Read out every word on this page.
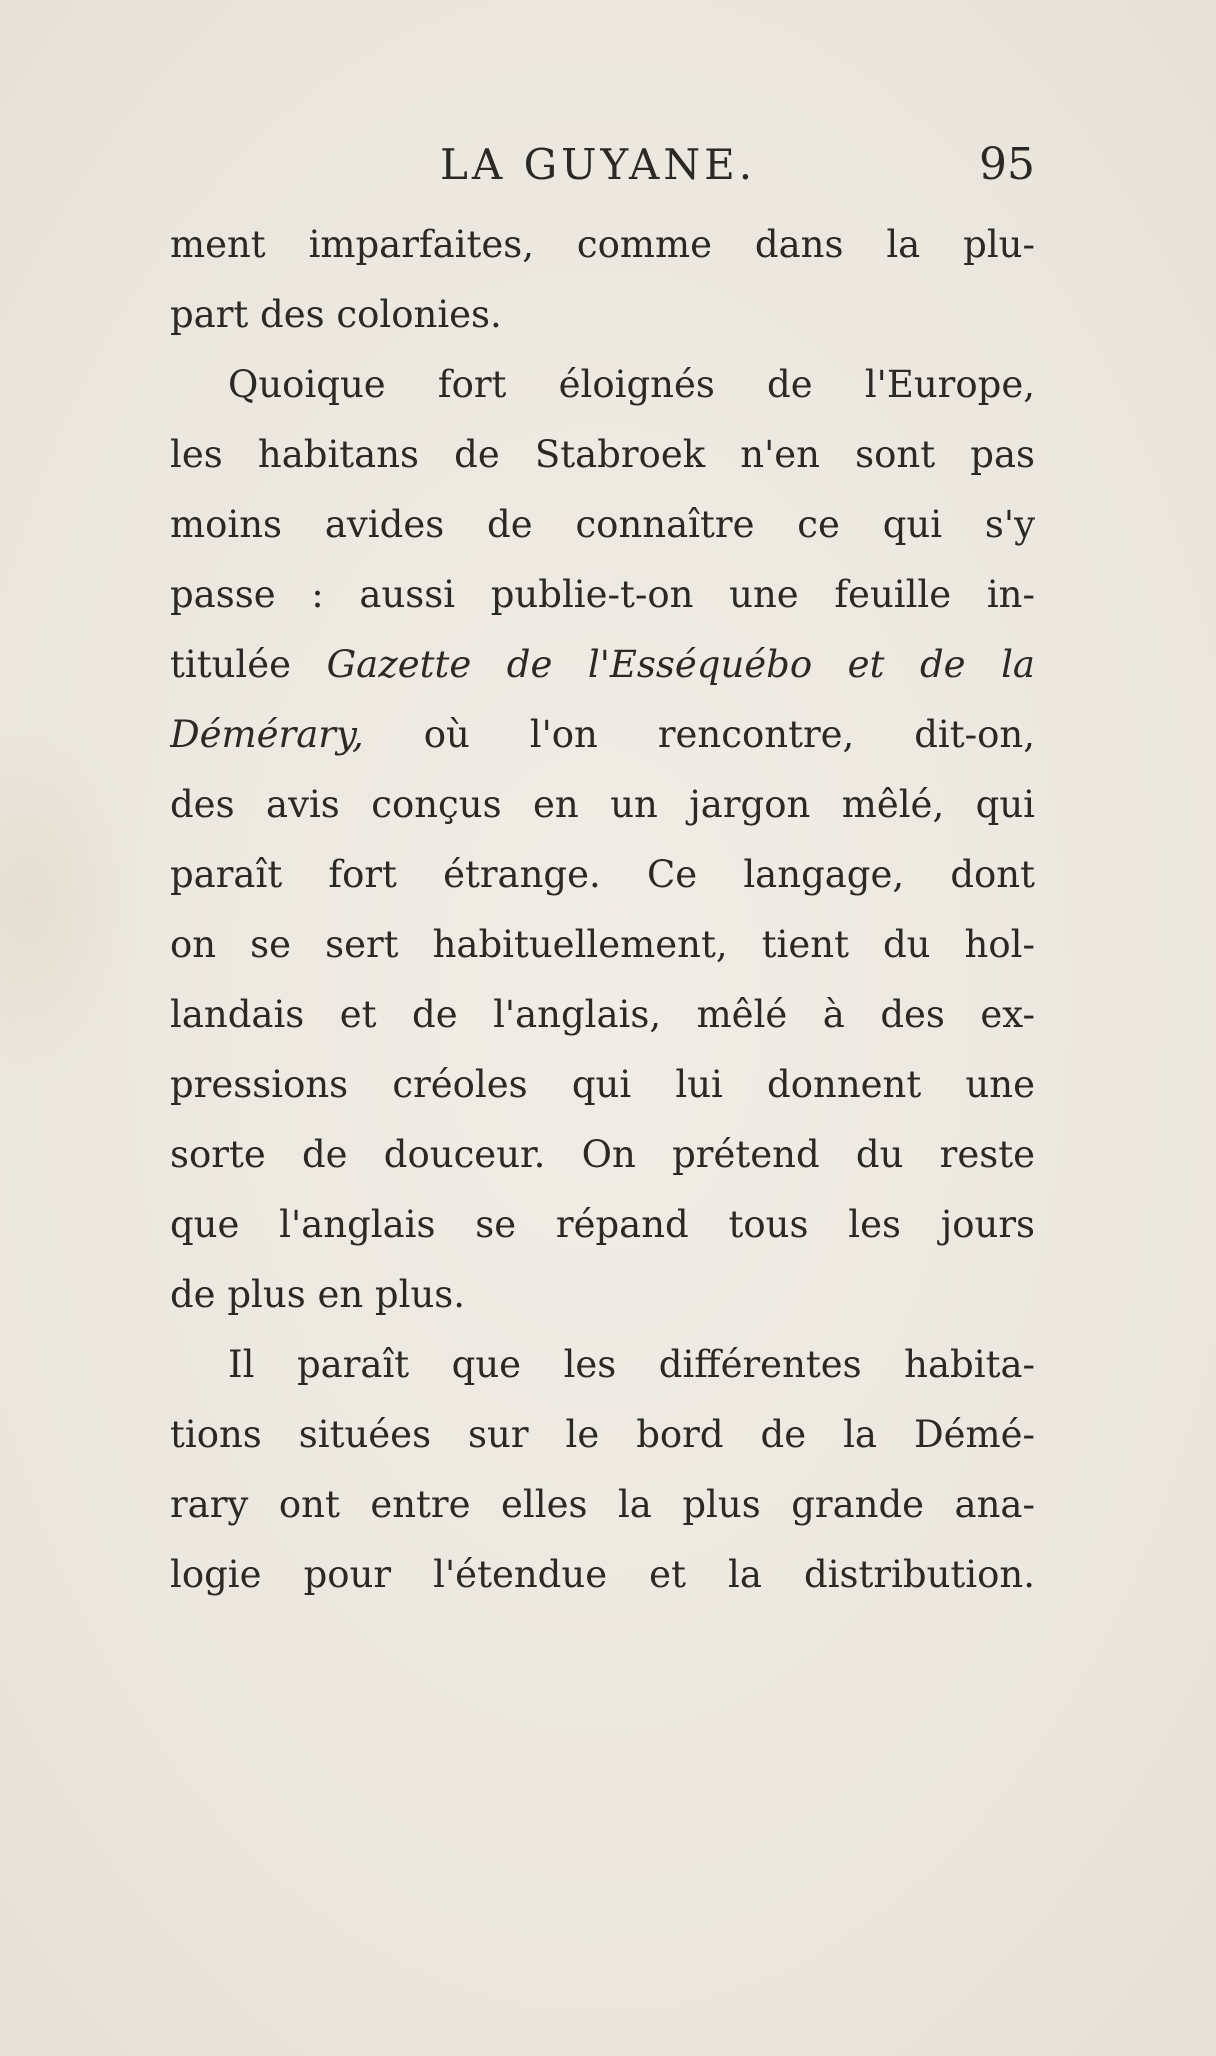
LA GUYANE.	95
ment imparfaites, comme dans la plu-
part des colonies.
Quoique fort éloignés de l'Europe,
les habitans de Stabroek n'en sont pas
moins avides de connaître ce qui s'y
passe : aussi publie-t-on une feuille in-
titulée Gazette de l'Esséquébo et de la
Démérary, où l'on rencontre, dit-on,
des avis conçus en un jargon mêlé, qui
paraît fort étrange. Ce langage, dont
on se sert habituellement, tient du hol-
landais et de l'anglais, mêlé à des ex-
pressions créoles qui lui donnent une
sorte de douceur. On prétend du reste
que l'anglais se répand tous les jours
de plus en plus.
Il paraît que les différentes habita-
tions situées sur le bord de la Démé-
rary ont entre elles la plus grande ana-
logie pour l'étendue et la distribution.
